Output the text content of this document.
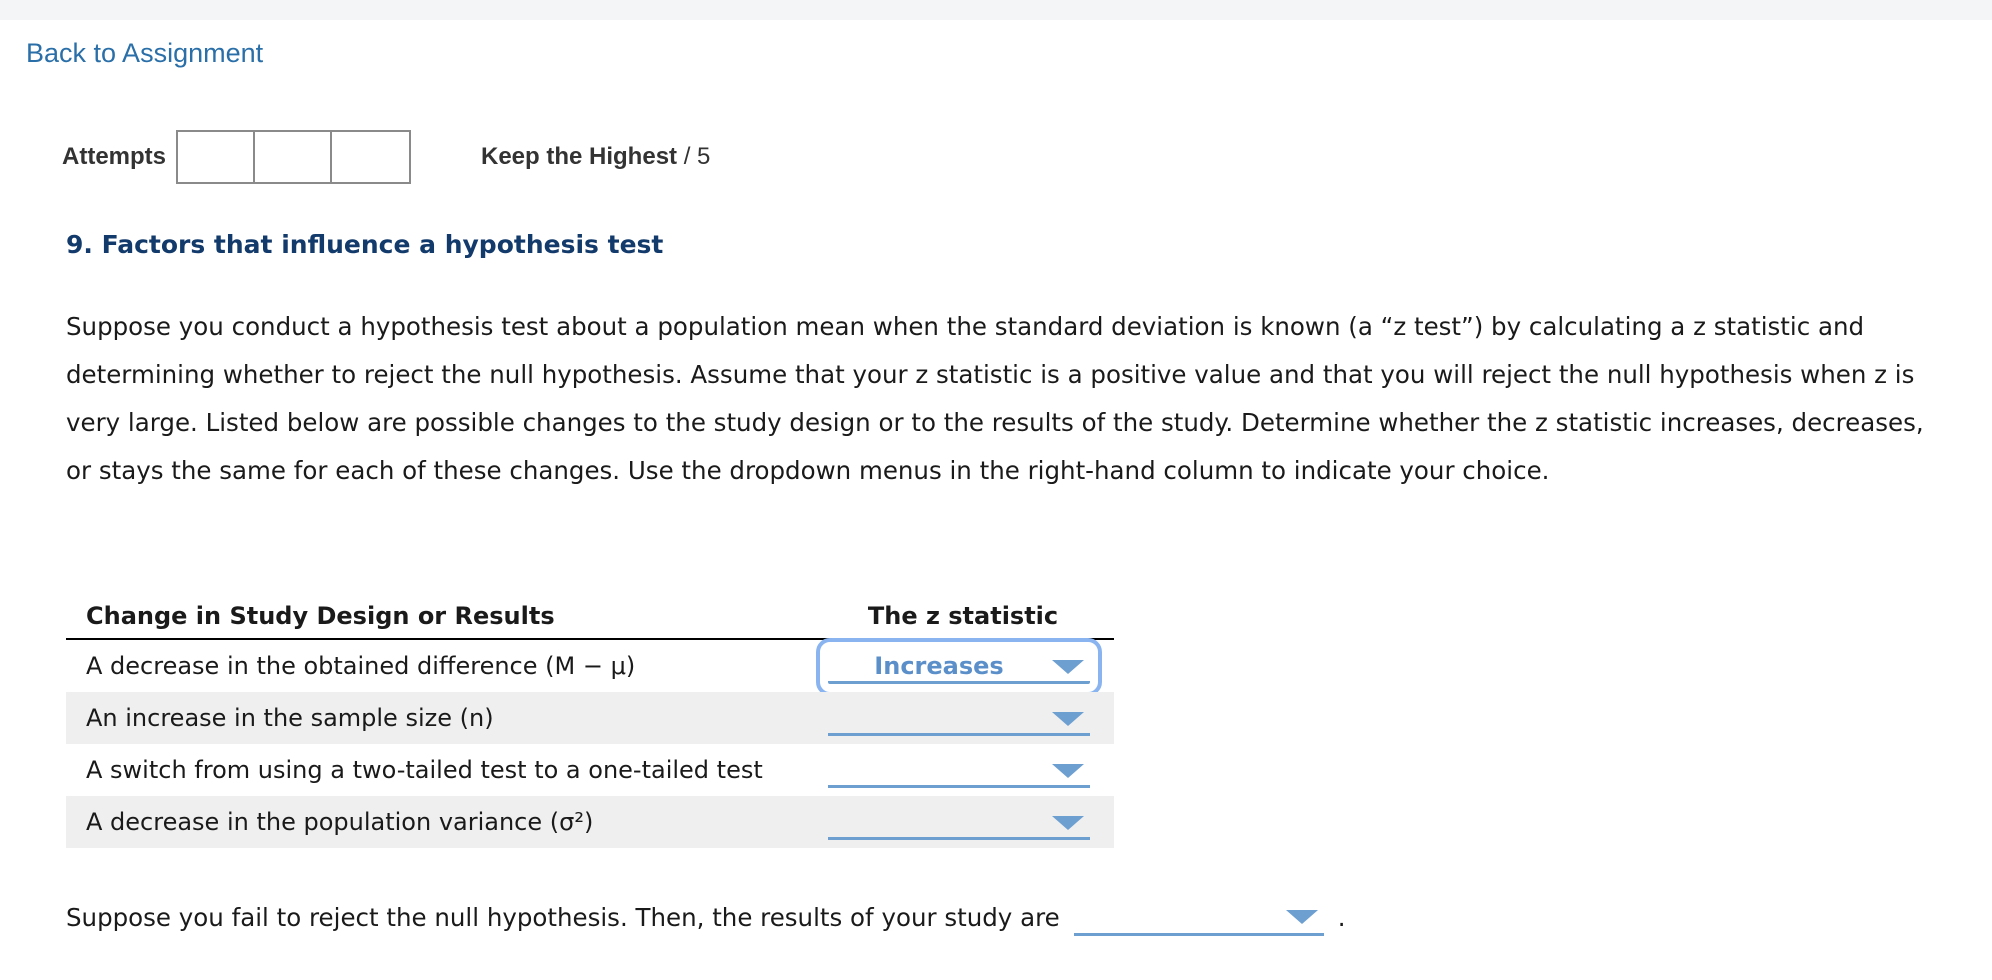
Back to Assignment
Attempts	Keep the Highest / 5
9. Factors that influence a hypothesis test
Suppose you conduct a hypothesis test about a population mean when the standard deviation is known (a “z test”) by calculating a z statistic and determining whether to reject the null hypothesis. Assume that your z statistic is a positive value and that you will reject the null hypothesis when z is very large. Listed below are possible changes to the study design or to the results of the study. Determine whether the z statistic increases, decreases, or stays the same for each of these changes. Use the dropdown menus in the right-hand column to indicate your choice.
Change in Study Design or Results	The z statistic
A decrease in the obtained difference (M − μ)	Increases
An increase in the sample size (n)
A switch from using a two-tailed test to a one-tailed test
A decrease in the population variance (σ²)
Suppose you fail to reject the null hypothesis. Then, the results of your study are	.
